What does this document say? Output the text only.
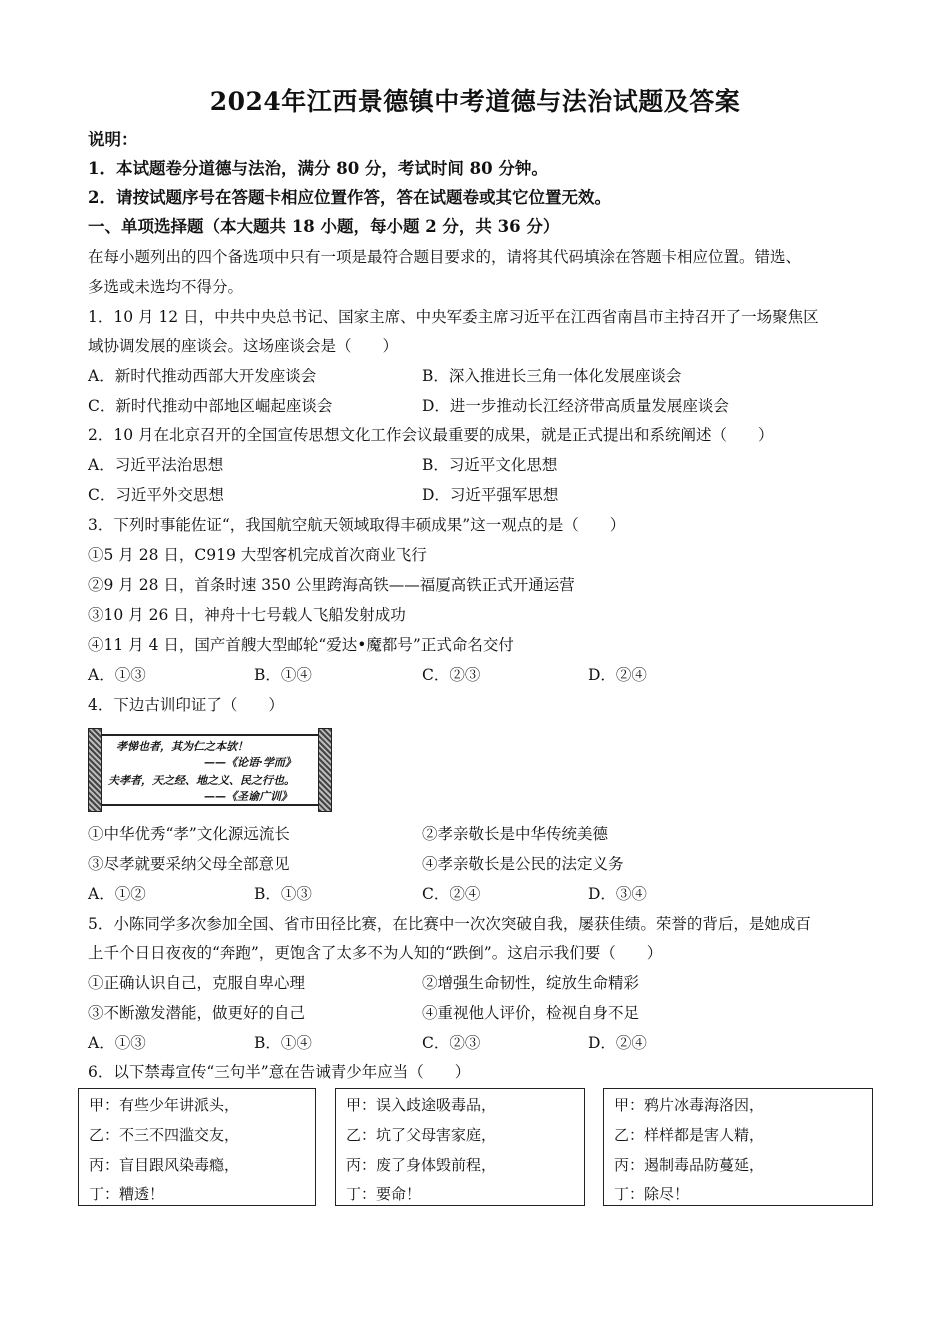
2024年江西景德镇中考道德与法治试题及答案
说明：
1．本试题卷分道德与法治，满分 80 分，考试时间 80 分钟。
2．请按试题序号在答题卡相应位置作答，答在试题卷或其它位置无效。
一、单项选择题（本大题共 18 小题，每小题 2 分，共 36 分）
在每小题列出的四个备选项中只有一项是最符合题目要求的，请将其代码填涂在答题卡相应位置。错选、
多选或未选均不得分。
1．10 月 12 日，中共中央总书记、国家主席、中央军委主席习近平在江西省南昌市主持召开了一场聚焦区
域协调发展的座谈会。这场座谈会是（　　）
A．新时代推动西部大开发座谈会	B．深入推进长三角一体化发展座谈会
C．新时代推动中部地区崛起座谈会	D．进一步推动长江经济带高质量发展座谈会
2．10 月在北京召开的全国宣传思想文化工作会议最重要的成果，就是正式提出和系统阐述（　　）
A．习近平法治思想	B．习近平文化思想
C．习近平外交思想	D．习近平强军思想
3．下列时事能佐证“，我国航空航天领域取得丰硕成果”这一观点的是（　　）
①5 月 28 日，C919 大型客机完成首次商业飞行
②9 月 28 日，首条时速 350 公里跨海高铁——福厦高铁正式开通运营
③10 月 26 日，神舟十七号载人飞船发射成功
④11 月 4 日，国产首艘大型邮轮“爱达•魔都号”正式命名交付
A．①③	B．①④	C．②③	D．②④
4．下边古训印证了（　　）
孝悌也者，其为仁之本欤！
——《论语·学而》
夫孝者，天之经、地之义、民之行也。
——《圣谕广训》
①中华优秀“孝”文化源远流长	②孝亲敬长是中华传统美德
③尽孝就要采纳父母全部意见	④孝亲敬长是公民的法定义务
A．①②	B．①③	C．②④	D．③④
5．小陈同学多次参加全国、省市田径比赛，在比赛中一次次突破自我，屡获佳绩。荣誉的背后，是她成百
上千个日日夜夜的“奔跑”，更饱含了太多不为人知的“跌倒”。这启示我们要（　　）
①正确认识自己，克服自卑心理	②增强生命韧性，绽放生命精彩
③不断激发潜能，做更好的自己	④重视他人评价，检视自身不足
A．①③	B．①④	C．②③	D．②④
6．以下禁毒宣传“三句半”意在告诫青少年应当（　　）
甲：有些少年讲派头，
乙：不三不四滥交友，
丙：盲目跟风染毒瘾，
丁：糟透！
甲：误入歧途吸毒品，
乙：坑了父母害家庭，
丙：废了身体毁前程，
丁：要命！
甲：鸦片冰毒海洛因，
乙：样样都是害人精，
丙：遏制毒品防蔓延，
丁：除尽！
